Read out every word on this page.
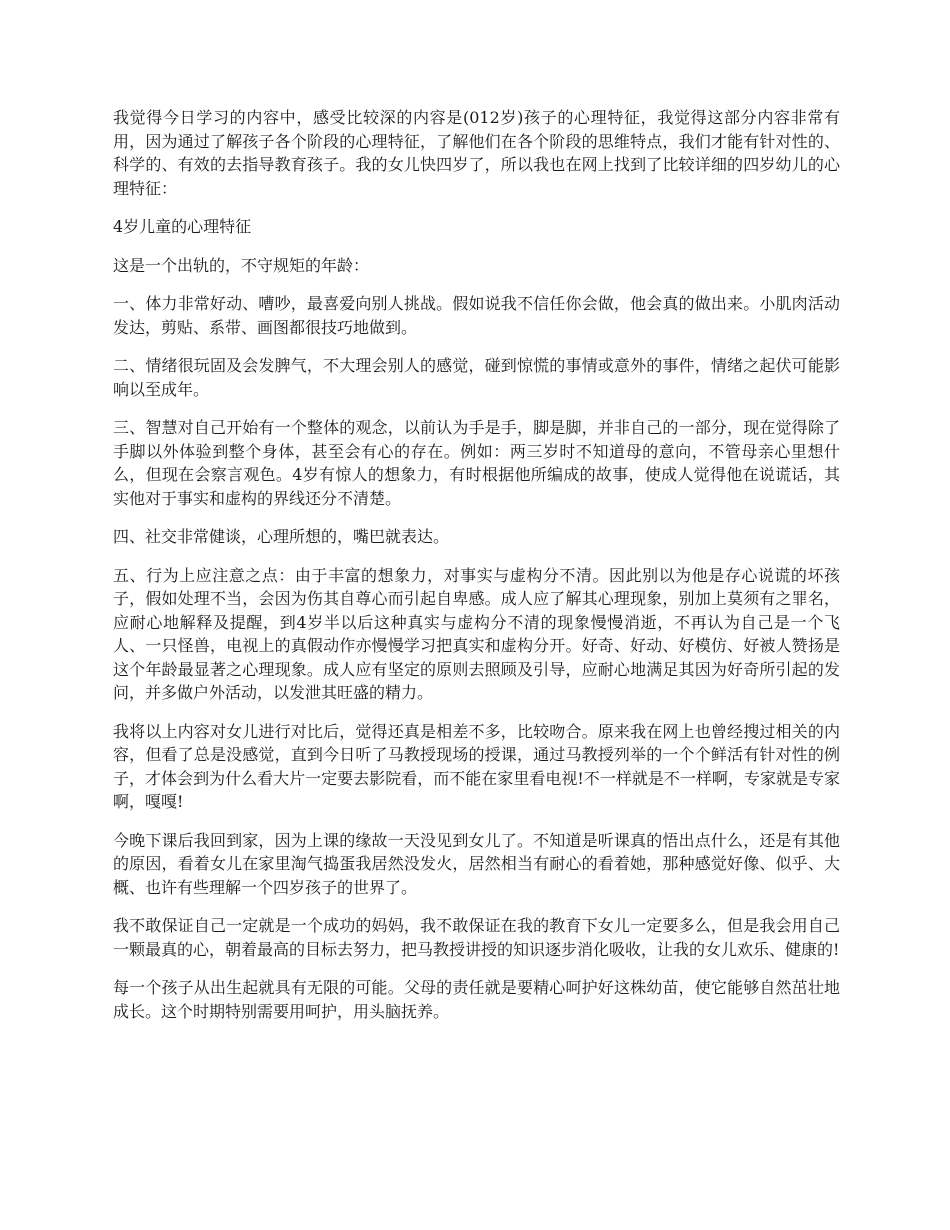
我觉得今日学习的内容中，感受比较深的内容是(012岁)孩子的心理特征，我觉得这部分内容非常有用，因为通过了解孩子各个阶段的心理特征，了解他们在各个阶段的思维特点，我们才能有针对性的、科学的、有效的去指导教育孩子。我的女儿快四岁了，所以我也在网上找到了比较详细的四岁幼儿的心理特征：

4岁儿童的心理特征

这是一个出轨的，不守规矩的年龄：

一、体力非常好动、嘈吵，最喜爱向别人挑战。假如说我不信任你会做，他会真的做出来。小肌肉活动发达，剪贴、系带、画图都很技巧地做到。

二、情绪很玩固及会发脾气，不大理会别人的感觉，碰到惊慌的事情或意外的事件，情绪之起伏可能影响以至成年。

三、智慧对自己开始有一个整体的观念，以前认为手是手，脚是脚，并非自己的一部分，现在觉得除了手脚以外体验到整个身体，甚至会有心的存在。例如：两三岁时不知道母的意向，不管母亲心里想什么，但现在会察言观色。4岁有惊人的想象力，有时根据他所编成的故事，使成人觉得他在说谎话，其实他对于事实和虚构的界线还分不清楚。

四、社交非常健谈，心理所想的，嘴巴就表达。

五、行为上应注意之点：由于丰富的想象力，对事实与虚构分不清。因此别以为他是存心说谎的坏孩子，假如处理不当，会因为伤其自尊心而引起自卑感。成人应了解其心理现象，别加上莫须有之罪名，应耐心地解释及提醒，到4岁半以后这种真实与虚构分不清的现象慢慢消逝，不再认为自己是一个飞人、一只怪兽，电视上的真假动作亦慢慢学习把真实和虚构分开。好奇、好动、好模仿、好被人赞扬是这个年龄最显著之心理现象。成人应有坚定的原则去照顾及引导，应耐心地满足其因为好奇所引起的发问，并多做户外活动，以发泄其旺盛的精力。

我将以上内容对女儿进行对比后，觉得还真是相差不多，比较吻合。原来我在网上也曾经搜过相关的内容，但看了总是没感觉，直到今日听了马教授现场的授课，通过马教授列举的一个个鲜活有针对性的例子，才体会到为什么看大片一定要去影院看，而不能在家里看电视!不一样就是不一样啊，专家就是专家啊，嘎嘎!

今晚下课后我回到家，因为上课的缘故一天没见到女儿了。不知道是听课真的悟出点什么，还是有其他的原因，看着女儿在家里淘气捣蛋我居然没发火，居然相当有耐心的看着她，那种感觉好像、似乎、大概、也许有些理解一个四岁孩子的世界了。

我不敢保证自己一定就是一个成功的妈妈，我不敢保证在我的教育下女儿一定要多么，但是我会用自己一颗最真的心，朝着最高的目标去努力，把马教授讲授的知识逐步消化吸收，让我的女儿欢乐、健康的!

每一个孩子从出生起就具有无限的可能。父母的责任就是要精心呵护好这株幼苗，使它能够自然茁壮地成长。这个时期特别需要用呵护，用头脑抚养。
